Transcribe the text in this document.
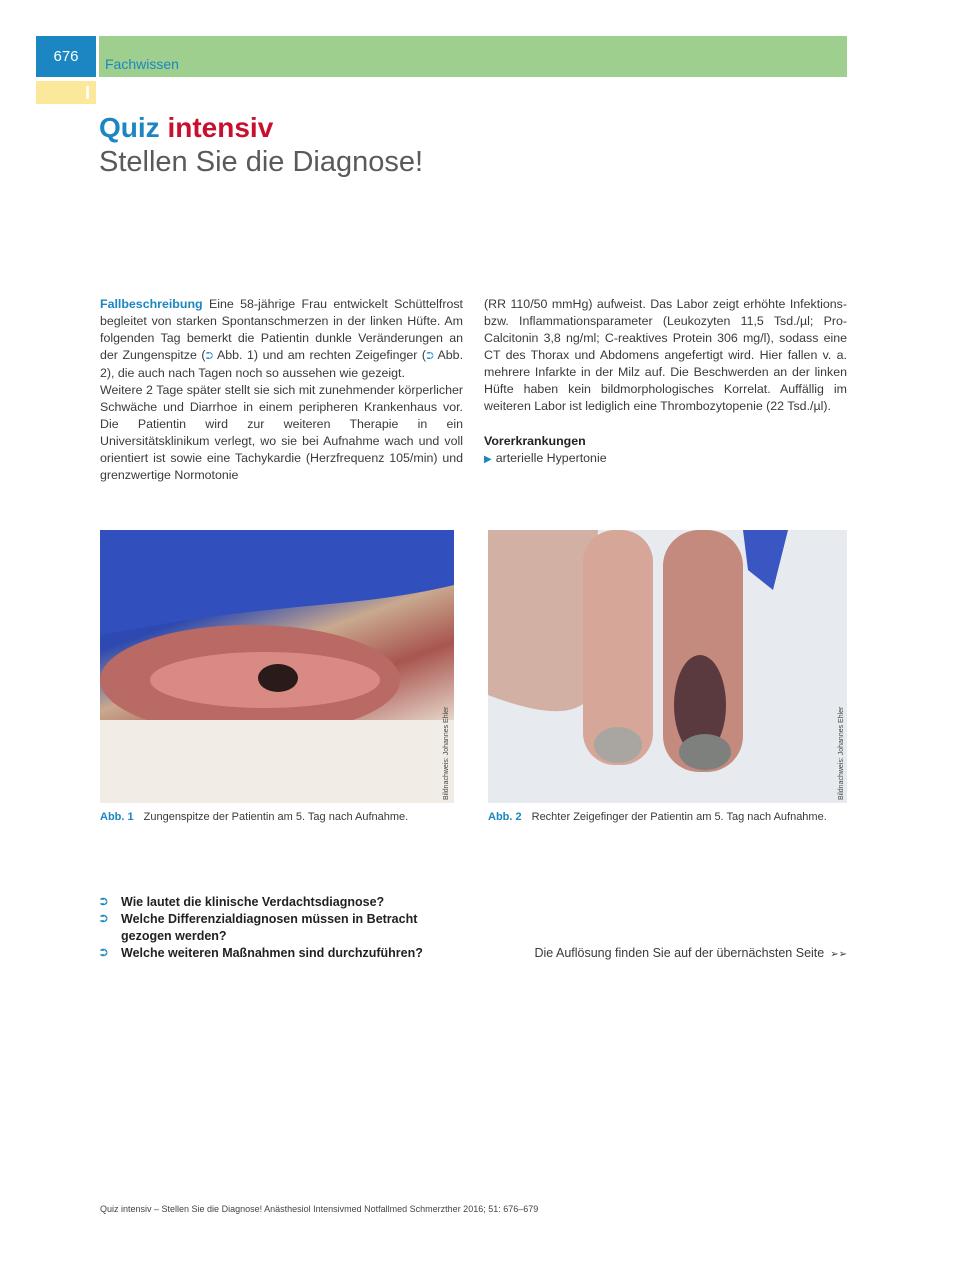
676	Fachwissen
I
Quiz intensiv
Stellen Sie die Diagnose!

Fallbeschreibung Eine 58-jährige Frau entwickelt Schüttelfrost begleitet von starken Spontanschmerzen in der linken Hüfte. Am folgenden Tag bemerkt die Patientin dunkle Veränderungen an der Zungenspitze (⮊ Abb. 1) und am rechten Zeigefinger (⮊ Abb. 2), die auch nach Tagen noch so aussehen wie gezeigt.

Weitere 2 Tage später stellt sie sich mit zunehmender körperlicher Schwäche und Diarrhoe in einem peripheren Krankenhaus vor. Die Patientin wird zur weiteren Therapie in ein Universitätsklinikum verlegt, wo sie bei Aufnahme wach und voll orientiert ist sowie eine Tachykardie (Herzfrequenz 105/min) und grenzwertige Normotonie

(RR 110/50 mmHg) aufweist. Das Labor zeigt erhöhte Infektions- bzw. Inflammationsparameter (Leukozyten 11,5 Tsd./µl; Pro-Calcitonin 3,8 ng/ml; C-reaktives Protein 306 mg/l), sodass eine CT des Thorax und Abdomens angefertigt wird. Hier fallen v. a. mehrere Infarkte in der Milz auf. Die Beschwerden an der linken Hüfte haben kein bildmorphologisches Korrelat. Auffällig im weiteren Labor ist lediglich eine Thrombozytopenie (22 Tsd./µl).

Vorerkrankungen

▶ arterielle Hypertonie

Bildnachweis: Johannes Ehler	Bildnachweis: Johannes Ehler
Abb. 1 Zungenspitze der Patientin am 5. Tag nach Aufnahme.	Abb. 2 Rechter Zeigefinger der Patientin am 5. Tag nach Aufnahme.
⮊	Wie lautet die klinische Verdachtsdiagnose?
⮊	Welche Differenzialdiagnosen müssen in Betracht gezogen werden?
⮊	Welche weiteren Maßnahmen sind durchzuführen?	Die Auflösung finden Sie auf der übernächsten Seite ➢➢
Quiz intensiv – Stellen Sie die Diagnose! Anästhesiol Intensivmed Notfallmed Schmerzther 2016; 51: 676–679
